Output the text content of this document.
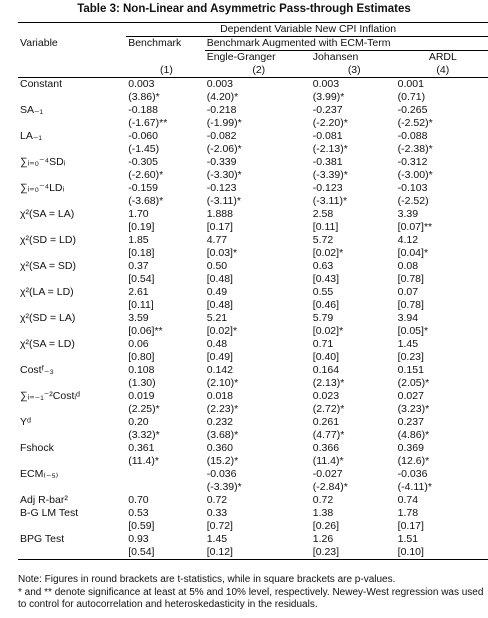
Table 3: Non-Linear and Asymmetric Pass-through Estimates
	Dependent Variable New CPI Inflation			
Variable	Benchmark	Benchmark Augmented with ECM-Term		
		Engle-Granger	Johansen	ARDL
	(1)	(2)	(3)	(4)
Constant	0.003	0.003	0.003	0.001
	(3.86)*	(4.20)*	(3.99)*	(0.71)
SA₋₁	-0.188	-0.218	-0.237	-0.265
	(-1.67)**	(-1.99)*	(-2.20)*	(-2.52)*
LA₋₁	-0.060	-0.082	-0.081	-0.088
	(-1.45)	(-2.06)*	(-2.13)*	(-2.38)*
∑ᵢ₌₀⁻⁴SDᵢ	-0.305	-0.339	-0.381	-0.312
	(-2.60)*	(-3.30)*	(-3.39)*	(-3.00)*
∑ᵢ₌₀⁻⁴LDᵢ	-0.159	-0.123	-0.123	-0.103
	(-3.68)*	(-3.11)*	(-3.11)*	(-2.52)
χ²(SA = LA)	1.70	1.888	2.58	3.39
	[0.19]	[0.17]	[0.11]	[0.07]**
χ²(SD = LD)	1.85	4.77	5.72	4.12
	[0.18]	[0.03]*	[0.02]*	[0.04]*
χ²(SA = SD)	0.37	0.50	0.63	0.08
	[0.54]	[0.48]	[0.43]	[0.78]
χ²(LA = LD)	2.61	0.49	0.55	0.07
	[0.11]	[0.48]	[0.46]	[0.78]
χ²(SD = LA)	3.59	5.21	5.79	3.94
	[0.06]**	[0.02]*	[0.02]*	[0.05]*
χ²(SA = LD)	0.06	0.48	0.71	1.45
	[0.80]	[0.49]	[0.40]	[0.23]
Costᶠ₋₃	0.108	0.142	0.164	0.151
	(1.30)	(2.10)*	(2.13)*	(2.05)*
∑ᵢ₌₋₁⁻²Costᵢᵈ	0.019	0.018	0.023	0.027
	(2.25)*	(2.23)*	(2.72)*	(3.23)*
Yᵈ	0.20	0.232	0.261	0.237
	(3.32)*	(3.68)*	(4.77)*	(4.86)*
Fshock	0.361	0.360	0.366	0.369
	(11.4)*	(15.2)*	(11.4)*	(12.6)*
ECM₍₋₅₎		-0.036	-0.027	-0.036
		(-3.39)*	(-2.84)*	(-4.11)*
Adj R-bar²	0.70	0.72	0.72	0.74
B-G LM Test	0.53	0.33	1.38	1.78
	[0.59]	[0.72]	[0.26]	[0.17]
BPG Test	0.93	1.45	1.26	1.51
	[0.54]	[0.12]	[0.23]	[0.10]
Note: Figures in round brackets are t-statistics, while in square brackets are p-values.
* and ** denote significance at least at 5% and 10% level, respectively. Newey-West regression was used to control for autocorrelation and heteroskedasticity in the residuals.
